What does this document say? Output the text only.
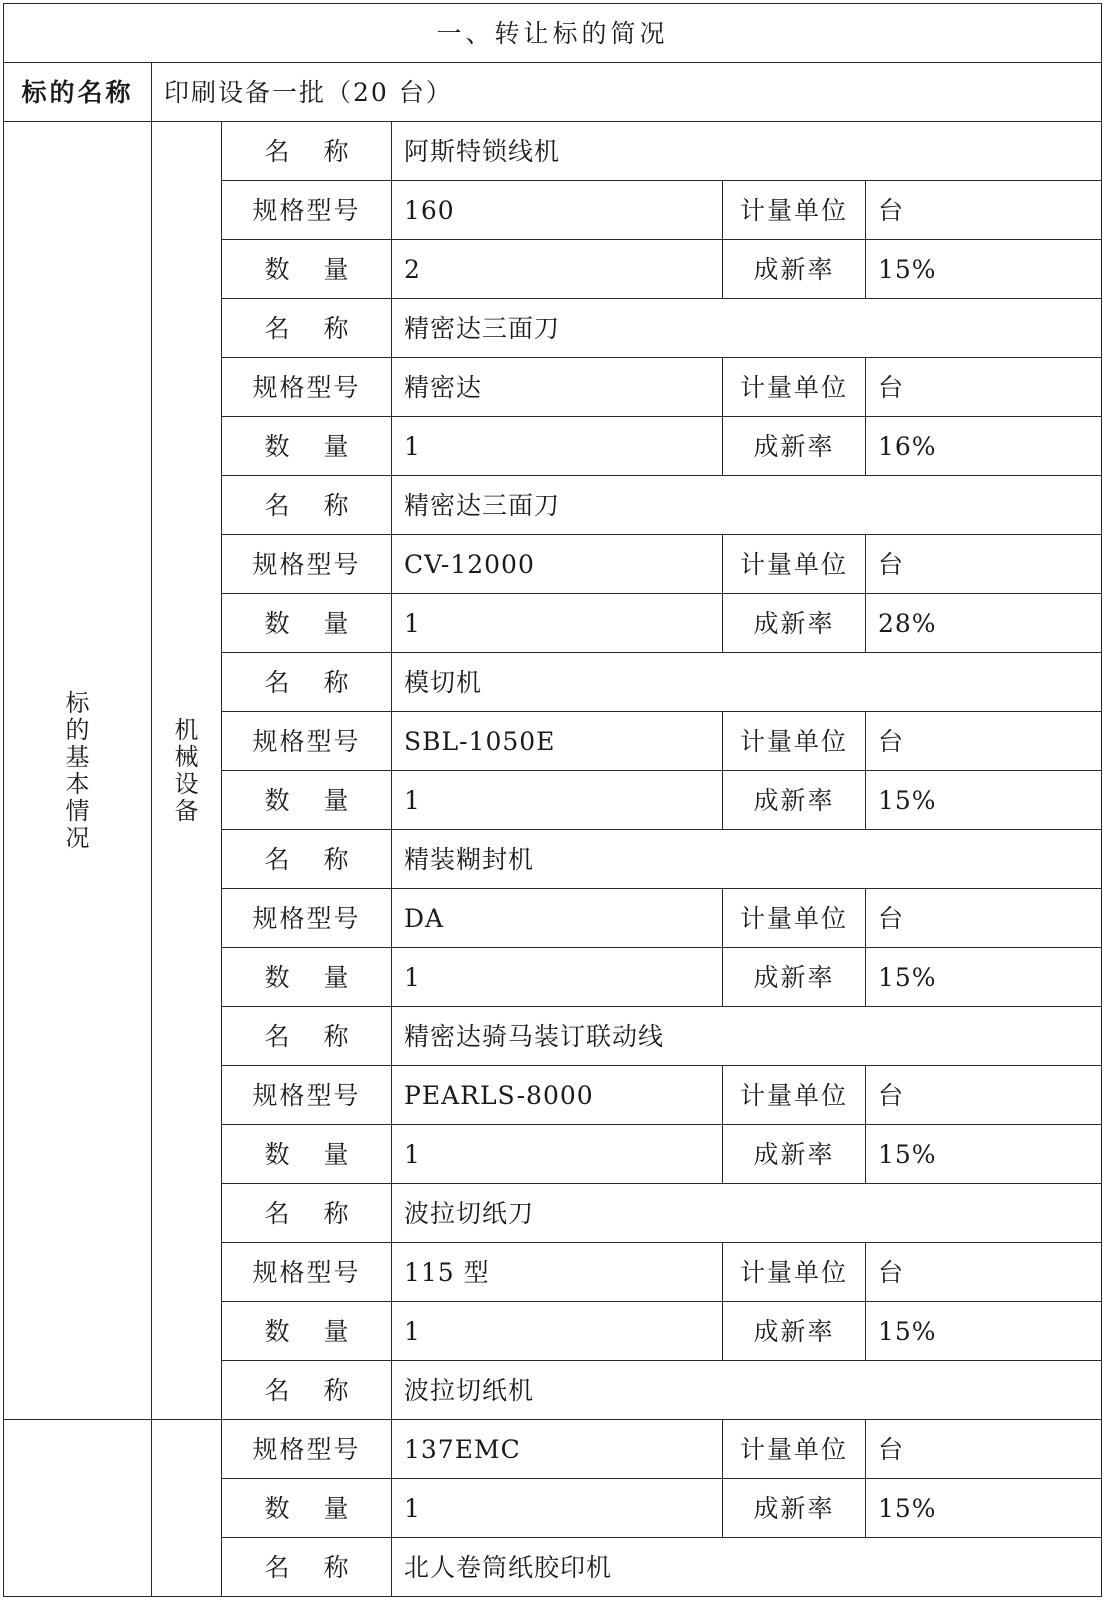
一、转让标的简况					
标的名称	印刷设备一批（20 台）				
标的基本情况	机械设备	名 称	阿斯特锁线机		
		规格型号	160	计量单位	台
		数 量	2	成新率	15%
		名 称	精密达三面刀		
		规格型号	精密达	计量单位	台
		数 量	1	成新率	16%
		名 称	精密达三面刀		
		规格型号	CV-12000	计量单位	台
		数 量	1	成新率	28%
		名 称	模切机		
		规格型号	SBL-1050E	计量单位	台
		数 量	1	成新率	15%
		名 称	精装糊封机		
		规格型号	DA	计量单位	台
		数 量	1	成新率	15%
		名 称	精密达骑马装订联动线		
		规格型号	PEARLS-8000	计量单位	台
		数 量	1	成新率	15%
		名 称	波拉切纸刀		
		规格型号	115 型	计量单位	台
		数 量	1	成新率	15%
		名 称	波拉切纸机		
		规格型号	137EMC	计量单位	台
		数 量	1	成新率	15%
		名 称	北人卷筒纸胶印机		
